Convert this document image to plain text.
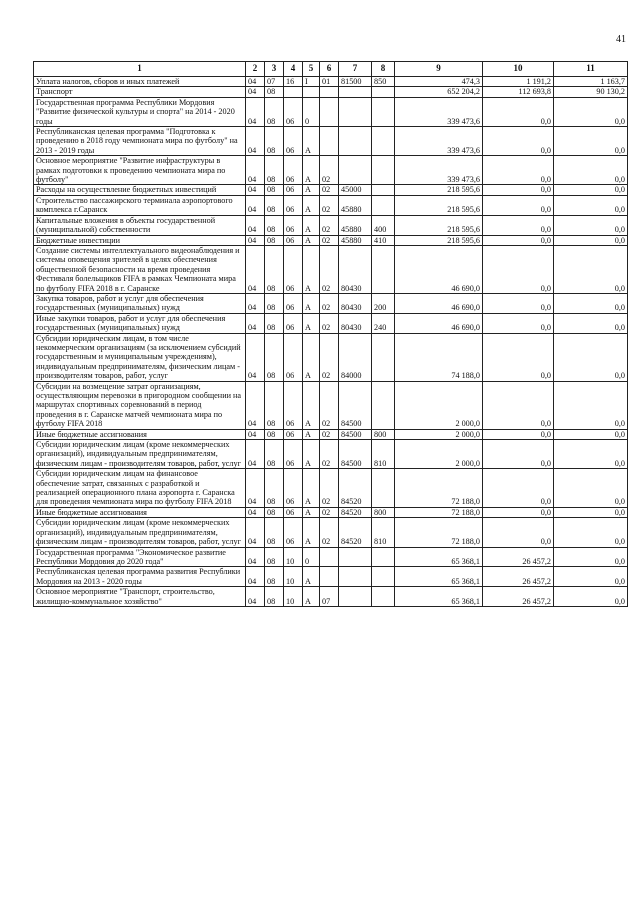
41
1	2	3	4	5	6	7	8	9	10	11
Уплата налогов, сборов и иных платежей	04	07	16	I	01	81500	850	474,3	1 191,2	1 163,7
Транспорт	04	08						652 204,2	112 693,8	90 130,2
Государственная программа Республики Мордовия "Развитие физической культуры и спорта" на 2014 - 2020 годы	04	08	06	0				339 473,6	0,0	0,0
Республиканская целевая программа "Подготовка к проведению в 2018 году чемпионата мира по футболу" на 2013 - 2019 годы	04	08	06	А				339 473,6	0,0	0,0
Основное мероприятие "Развитие инфраструктуры в рамках подготовки к проведению чемпионата мира по футболу"	04	08	06	А	02			339 473,6	0,0	0,0
Расходы на осуществление бюджетных инвестиций	04	08	06	А	02	45000		218 595,6	0,0	0,0
Строительство пассажирского терминала аэропортового комплекса г.Саранск	04	08	06	А	02	45880		218 595,6	0,0	0,0
Капитальные вложения в объекты государственной (муниципальной) собственности	04	08	06	А	02	45880	400	218 595,6	0,0	0,0
Бюджетные инвестиции	04	08	06	А	02	45880	410	218 595,6	0,0	0,0
Создание системы интеллектуального видеонаблюдения и системы оповещения зрителей в целях обеспечения общественной безопасности на время проведения Фестиваля болельщиков FIFA в рамках Чемпионата мира по футболу FIFA 2018 в г. Саранске	04	08	06	А	02	80430		46 690,0	0,0	0,0
Закупка товаров, работ и услуг для обеспечения государственных (муниципальных) нужд	04	08	06	А	02	80430	200	46 690,0	0,0	0,0
Иные закупки товаров, работ и услуг для обеспечения государственных (муниципальных) нужд	04	08	06	А	02	80430	240	46 690,0	0,0	0,0
Субсидии юридическим лицам, в том числе некоммерческим организациям (за исключением субсидий государственным и муниципальным учреждениям), индивидуальным предпринимателям, физическим лицам - производителям товаров, работ, услуг	04	08	06	А	02	84000		74 188,0	0,0	0,0
Субсидии на возмещение затрат организациям, осуществляющим перевозки в пригородном сообщении на маршрутах спортивных соревнований в период проведения в г. Саранске матчей чемпионата мира по футболу FIFA 2018	04	08	06	А	02	84500		2 000,0	0,0	0,0
Иные бюджетные ассигнования	04	08	06	А	02	84500	800	2 000,0	0,0	0,0
Субсидии юридическим лицам (кроме некоммерческих организаций), индивидуальным предпринимателям, физическим лицам - производителям товаров, работ, услуг	04	08	06	А	02	84500	810	2 000,0	0,0	0,0
Субсидии юридическим лицам на финансовое обеспечение затрат, связанных с разработкой и реализацией операционного плана аэропорта г. Саранска для проведения чемпионата мира по футболу FIFA 2018	04	08	06	А	02	84520		72 188,0	0,0	0,0
Иные бюджетные ассигнования	04	08	06	А	02	84520	800	72 188,0	0,0	0,0
Субсидии юридическим лицам (кроме некоммерческих организаций), индивидуальным предпринимателям, физическим лицам - производителям товаров, работ, услуг	04	08	06	А	02	84520	810	72 188,0	0,0	0,0
Государственная программа "Экономическое развитие Республики Мордовия до 2020 года"	04	08	10	0				65 368,1	26 457,2	0,0
Республиканская целевая программа развития Республики Мордовия на 2013 - 2020 годы	04	08	10	А				65 368,1	26 457,2	0,0
Основное мероприятие "Транспорт, строительство, жилищно-коммунальное хозяйство"	04	08	10	А	07			65 368,1	26 457,2	0,0
